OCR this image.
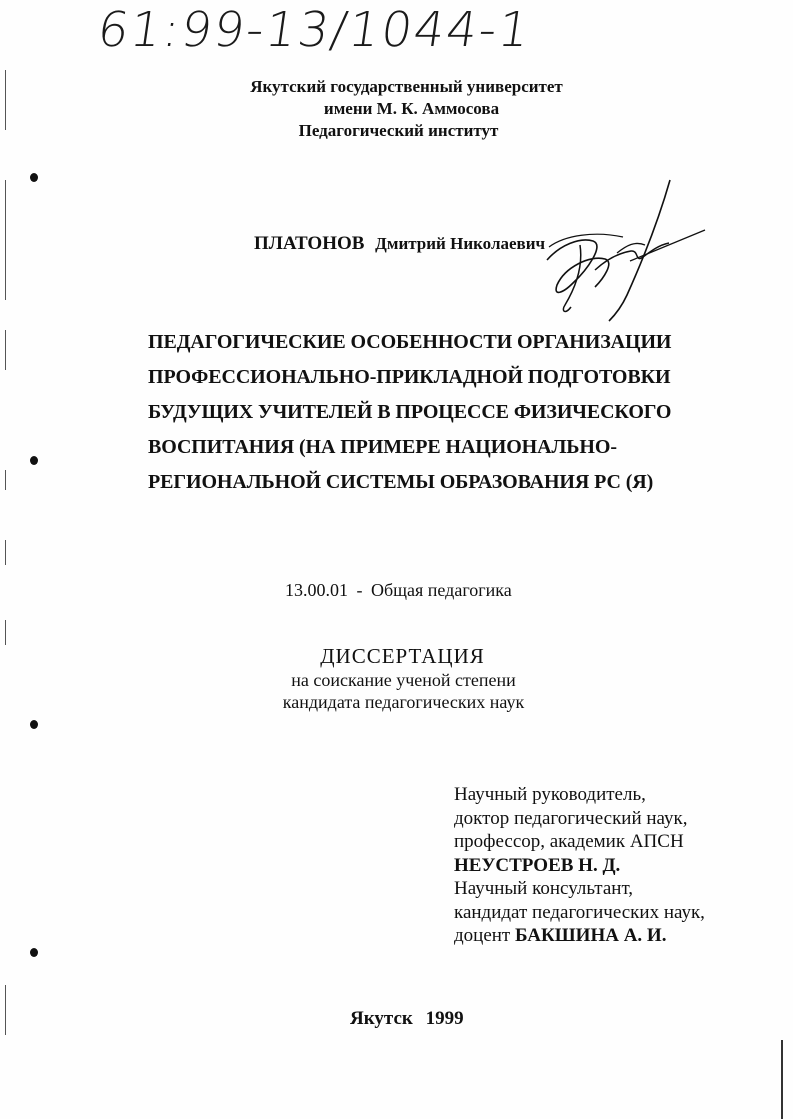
61:99-13/1044-1
Якутский государственный университет
имени М. К. Аммосова
Педагогический институт
ПЛАТОНОВ Дмитрий Николаевич
ПЕДАГОГИЧЕСКИЕ ОСОБЕННОСТИ ОРГАНИЗАЦИИ
ПРОФЕССИОНАЛЬНО-ПРИКЛАДНОЙ ПОДГОТОВКИ
БУДУЩИХ УЧИТЕЛЕЙ В ПРОЦЕССЕ ФИЗИЧЕСКОГО
ВОСПИТАНИЯ (НА ПРИМЕРЕ НАЦИОНАЛЬНО-
РЕГИОНАЛЬНОЙ СИСТЕМЫ ОБРАЗОВАНИЯ РС (Я)
13.00.01 - Общая педагогика
ДИССЕРТАЦИЯ
на соискание ученой степени
кандидата педагогических наук
Научный руководитель,
доктор педагогический наук,
профессор, академик АПСН
НЕУСТРОЕВ Н. Д.
Научный консультант,
кандидат педагогических наук,
доцент БАКШИНА А. И.
Якутск 1999
